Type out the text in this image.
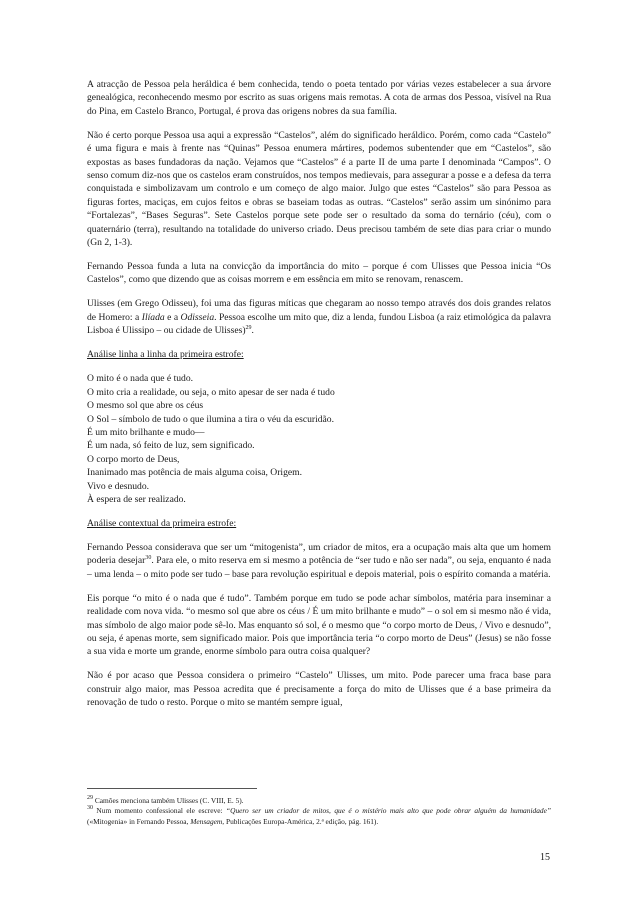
A atracção de Pessoa pela heráldica é bem conhecida, tendo o poeta tentado por várias vezes estabelecer a sua árvore genealógica, reconhecendo mesmo por escrito as suas origens mais remotas. A cota de armas dos Pessoa, visível na Rua do Pina, em Castelo Branco, Portugal, é prova das origens nobres da sua família.

Não é certo porque Pessoa usa aqui a expressão “Castelos”, além do significado heráldico. Porém, como cada “Castelo” é uma figura e mais à frente nas “Quinas” Pessoa enumera mártires, podemos subentender que em “Castelos”, são expostas as bases fundadoras da nação. Vejamos que “Castelos” é a parte II de uma parte I denominada “Campos”. O senso comum diz-nos que os castelos eram construídos, nos tempos medievais, para assegurar a posse e a defesa da terra conquistada e simbolizavam um controlo e um começo de algo maior. Julgo que estes “Castelos” são para Pessoa as figuras fortes, maciças, em cujos feitos e obras se baseiam todas as outras. “Castelos” serão assim um sinónimo para “Fortalezas”, “Bases Seguras”. Sete Castelos porque sete pode ser o resultado da soma do ternário (céu), com o quaternário (terra), resultando na totalidade do universo criado. Deus precisou também de sete dias para criar o mundo (Gn 2, 1-3).

Fernando Pessoa funda a luta na convicção da importância do mito – porque é com Ulisses que Pessoa inicia “Os Castelos”, como que dizendo que as coisas morrem e em essência em mito se renovam, renascem.

Ulisses (em Grego Odisseu), foi uma das figuras míticas que chegaram ao nosso tempo através dos dois grandes relatos de Homero: a Ilíada e a Odisseia. Pessoa escolhe um mito que, diz a lenda, fundou Lisboa (a raiz etimológica da palavra Lisboa é Ulissipo – ou cidade de Ulisses)$^{29}$.

Análise linha a linha da primeira estrofe:

O mito é o nada que é tudo.
O mito cria a realidade, ou seja, o mito apesar de ser nada é tudo
O mesmo sol que abre os céus
O Sol – símbolo de tudo o que ilumina a tira o véu da escuridão.
É um mito brilhante e mudo—
É um nada, só feito de luz, sem significado.
O corpo morto de Deus,
Inanimado mas potência de mais alguma coisa, Origem.
Vivo e desnudo.
À espera de ser realizado.

Análise contextual da primeira estrofe:

Fernando Pessoa considerava que ser um “mitogenista”, um criador de mitos, era a ocupação mais alta que um homem poderia desejar$^{30}$. Para ele, o mito reserva em si mesmo a potência de “ser tudo e não ser nada”, ou seja, enquanto é nada – uma lenda – o mito pode ser tudo – base para revolução espiritual e depois material, pois o espírito comanda a matéria.

Eis porque “o mito é o nada que é tudo”. Também porque em tudo se pode achar símbolos, matéria para inseminar a realidade com nova vida. “o mesmo sol que abre os céus / É um mito brilhante e mudo” – o sol em si mesmo não é vida, mas símbolo de algo maior pode sê-lo. Mas enquanto só sol, é o mesmo que “o corpo morto de Deus, / Vivo e desnudo”, ou seja, é apenas morte, sem significado maior. Pois que importância teria “o corpo morto de Deus” (Jesus) se não fosse a sua vida e morte um grande, enorme símbolo para outra coisa qualquer?

Não é por acaso que Pessoa considera o primeiro “Castelo” Ulisses, um mito. Pode parecer uma fraca base para construir algo maior, mas Pessoa acredita que é precisamente a força do mito de Ulisses que é a base primeira da renovação de tudo o resto. Porque o mito se mantém sempre igual,

$^{29}$ Camões menciona também Ulisses (C. VIII, E. 5).

$^{30}$ Num momento confessional ele escreve: “Quero ser um criador de mitos, que é o mistério mais alto que pode obrar alguém da humanidade” («Mitogenia» in Fernando Pessoa, Mensagem, Publicações Europa-América, 2.ª edição, pág. 161).

15
